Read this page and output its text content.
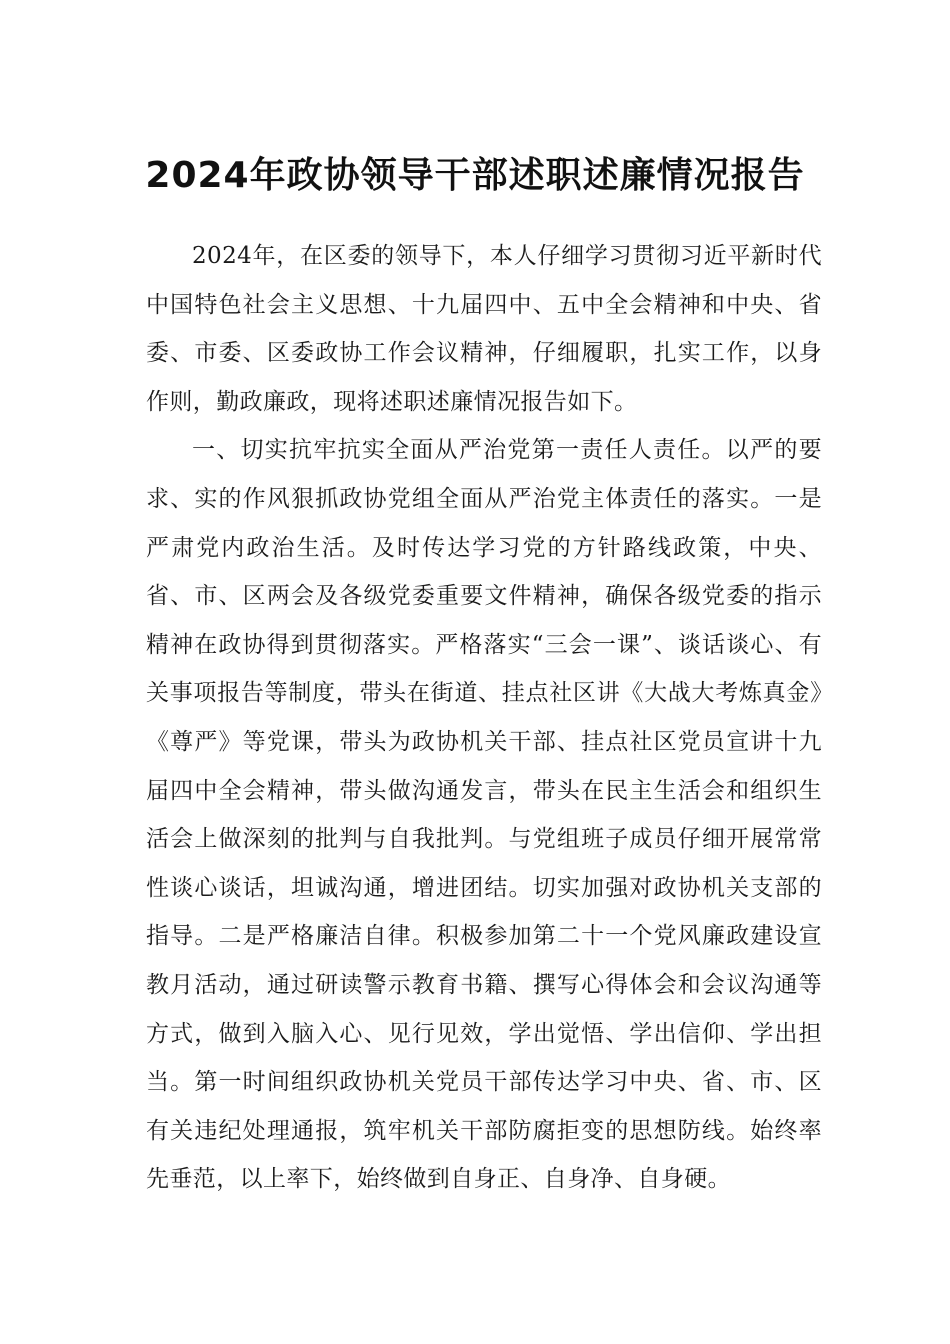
2024年政协领导干部述职述廉情况报告

2024年，在区委的领导下，本人仔细学习贯彻习近平新时代中国特色社会主义思想、十九届四中、五中全会精神和中央、省委、市委、区委政协工作会议精神，仔细履职，扎实工作，以身作则，勤政廉政，现将述职述廉情况报告如下。

一、切实抗牢抗实全面从严治党第一责任人责任。以严的要求、实的作风狠抓政协党组全面从严治党主体责任的落实。一是严肃党内政治生活。及时传达学习党的方针路线政策，中央、省、市、区两会及各级党委重要文件精神，确保各级党委的指示精神在政协得到贯彻落实。严格落实“三会一课”、谈话谈心、有关事项报告等制度，带头在街道、挂点社区讲《大战大考炼真金》《尊严》等党课，带头为政协机关干部、挂点社区党员宣讲十九届四中全会精神，带头做沟通发言，带头在民主生活会和组织生活会上做深刻的批判与自我批判。与党组班子成员仔细开展常常性谈心谈话，坦诚沟通，增进团结。切实加强对政协机关支部的指导。二是严格廉洁自律。积极参加第二十一个党风廉政建设宣教月活动，通过研读警示教育书籍、撰写心得体会和会议沟通等方式，做到入脑入心、见行见效，学出觉悟、学出信仰、学出担当。第一时间组织政协机关党员干部传达学习中央、省、市、区有关违纪处理通报，筑牢机关干部防腐拒变的思想防线。始终率先垂范，以上率下，始终做到自身正、自身净、自身硬。
